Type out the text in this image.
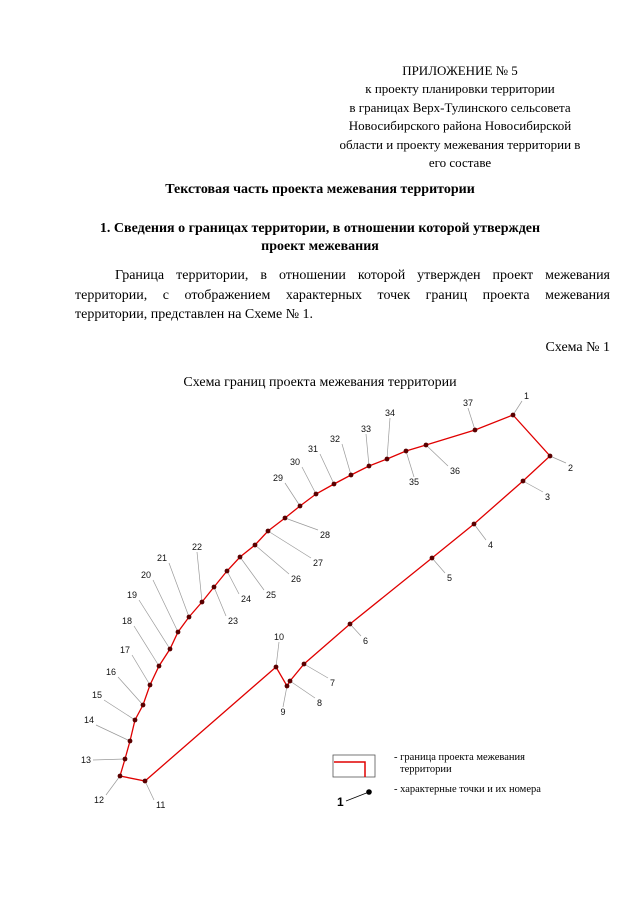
ПРИЛОЖЕНИЕ № 5
к проекту планировки территории
в границах Верх-Тулинского сельсовета
Новосибирского района Новосибирской
области и проекту межевания территории в
его составе
Текстовая часть проекта межевания территории
1. Сведения о границах территории, в отношении которой утвержден
проект межевания
Граница территории, в отношении которой утвержден проект межевания
территории, с отображением характерных точек границ проекта межевания
территории, представлен на Схеме № 1.
Схема № 1
Схема границ проекта межевания территории
1
2
3
4
5
6
7
8
9
10
11
12
13
14
15
16
17
18
19
20
21
22
23
24 25
26
27
28
29
30
31
32
33
34
35
36
37
1
- граница проекта межевания
территории
- характерные точки и их номера
